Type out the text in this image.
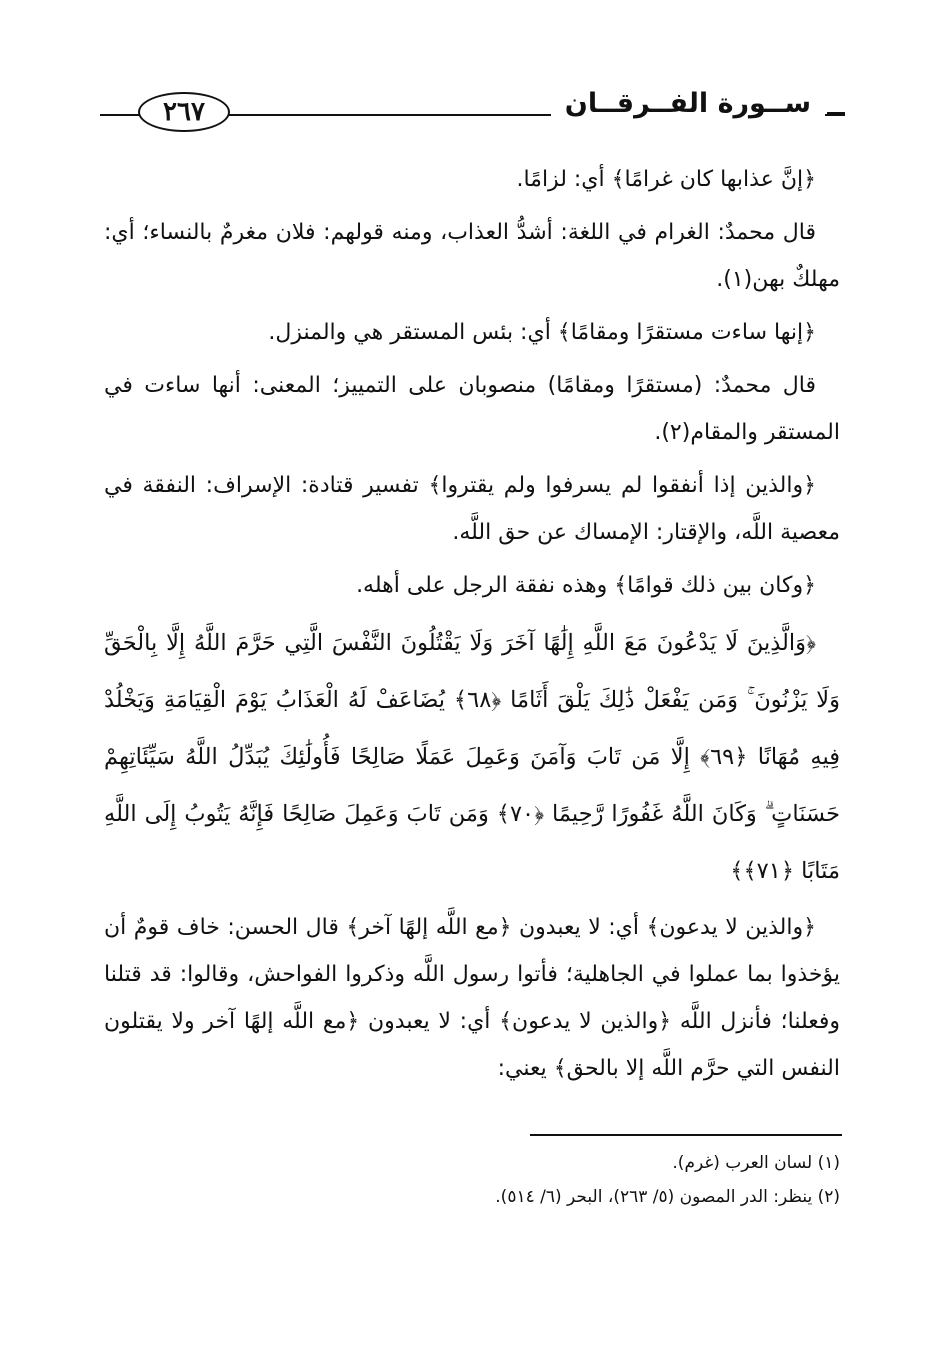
ســورة الفــرقــان
٢٦٧

﴿إنَّ عذابها كان غرامًا﴾ أي: لزامًا.

قال محمدٌ: الغرام في اللغة: أشدُّ العذاب، ومنه قولهم: فلان مغرمٌ بالنساء؛ أي: مهلكٌ بهن(١).

﴿إنها ساءت مستقرًا ومقامًا﴾ أي: بئس المستقر هي والمنزل.

قال محمدٌ: (مستقرًا ومقامًا) منصوبان على التمييز؛ المعنى: أنها ساءت في المستقر والمقام(٢).

﴿والذين إذا أنفقوا لم يسرفوا ولم يقتروا﴾ تفسير قتادة: الإسراف: النفقة في معصية اللَّه، والإقتار: الإمساك عن حق اللَّه.

﴿وكان بين ذلك قوامًا﴾ وهذه نفقة الرجل على أهله.

﴿وَالَّذِينَ لَا يَدْعُونَ مَعَ اللَّهِ إِلَٰهًا آخَرَ وَلَا يَقْتُلُونَ النَّفْسَ الَّتِي حَرَّمَ اللَّهُ إِلَّا بِالْحَقِّ وَلَا يَزْنُونَ ۚ وَمَن يَفْعَلْ ذَٰلِكَ يَلْقَ أَثَامًا ﴿٦٨﴾ يُضَاعَفْ لَهُ الْعَذَابُ يَوْمَ الْقِيَامَةِ وَيَخْلُدْ فِيهِ مُهَانًا ﴿٦٩﴾ إِلَّا مَن تَابَ وَآمَنَ وَعَمِلَ عَمَلًا صَالِحًا فَأُولَٰئِكَ يُبَدِّلُ اللَّهُ سَيِّئَاتِهِمْ حَسَنَاتٍ ۗ وَكَانَ اللَّهُ غَفُورًا رَّحِيمًا ﴿٧٠﴾ وَمَن تَابَ وَعَمِلَ صَالِحًا فَإِنَّهُ يَتُوبُ إِلَى اللَّهِ مَتَابًا ﴿٧١﴾﴾

﴿والذين لا يدعون﴾ أي: لا يعبدون ﴿مع اللَّه إلهًا آخر﴾ قال الحسن: خاف قومٌ أن يؤخذوا بما عملوا في الجاهلية؛ فأتوا رسول اللَّه وذكروا الفواحش، وقالوا: قد قتلنا وفعلنا؛ فأنزل اللَّه ﴿والذين لا يدعون﴾ أي: لا يعبدون ﴿مع اللَّه إلهًا آخر ولا يقتلون النفس التي حرَّم اللَّه إلا بالحق﴾ يعني:

(١) لسان العرب (غرم).
(٢) ينظر: الدر المصون (٥/ ٢٦٣)، البحر (٦/ ٥١٤).
